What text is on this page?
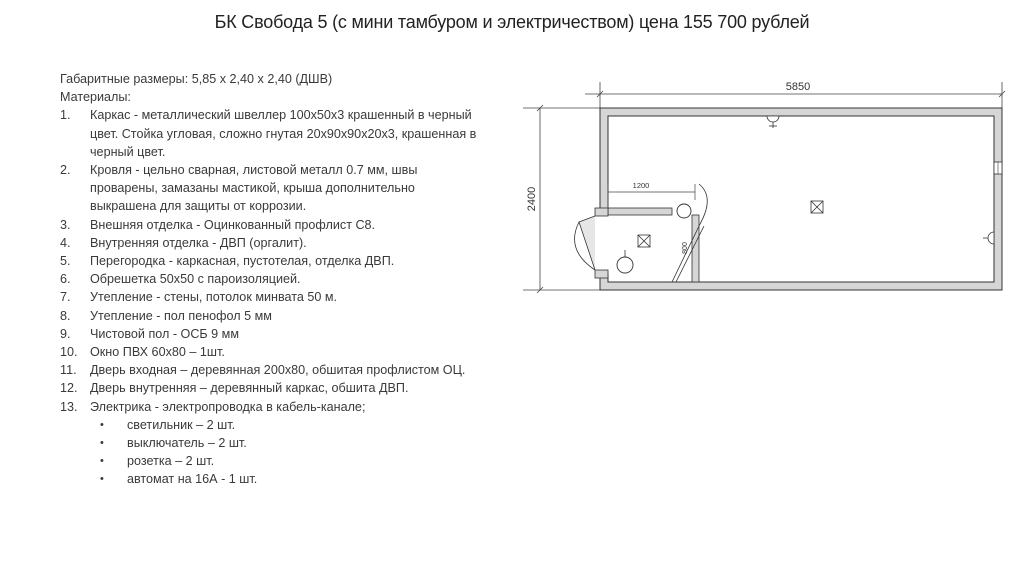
БК Свобода 5 (с мини тамбуром и электричеством) цена 155 700 рублей
Габаритные размеры: 5,85 х 2,40 х 2,40 (ДШВ)
Материалы:
1. Каркас - металлический швеллер 100х50х3 крашенный в черный
цвет. Стойка угловая, сложно гнутая 20х90х90х20х3, крашенная в
черный цвет.
2. Кровля - цельно сварная, листовой металл 0.7 мм, швы
проварены, замазаны мастикой, крыша дополнительно
выкрашена для защиты от коррозии.
3. Внешняя отделка - Оцинкованный профлист С8.
4. Внутренняя отделка - ДВП (оргалит).
5. Перегородка - каркасная, пустотелая, отделка ДВП.
6. Обрешетка 50х50 с пароизоляцией.
7. Утепление - стены, потолок минвата 50 м.
8. Утепление - пол пенофол 5 мм
9. Чистовой пол - ОСБ 9 мм
10. Окно ПВХ 60х80 – 1шт.
11. Дверь входная – деревянная 200х80, обшитая профлистом ОЦ.
12. Дверь внутренняя – деревянный каркас, обшита ДВП.
13. Электрика - электропроводка в кабель-канале;
• светильник – 2 шт.
• выключатель – 2 шт.
• розетка – 2 шт.
• автомат на 16А - 1 шт.
5850
2400
1200
800
